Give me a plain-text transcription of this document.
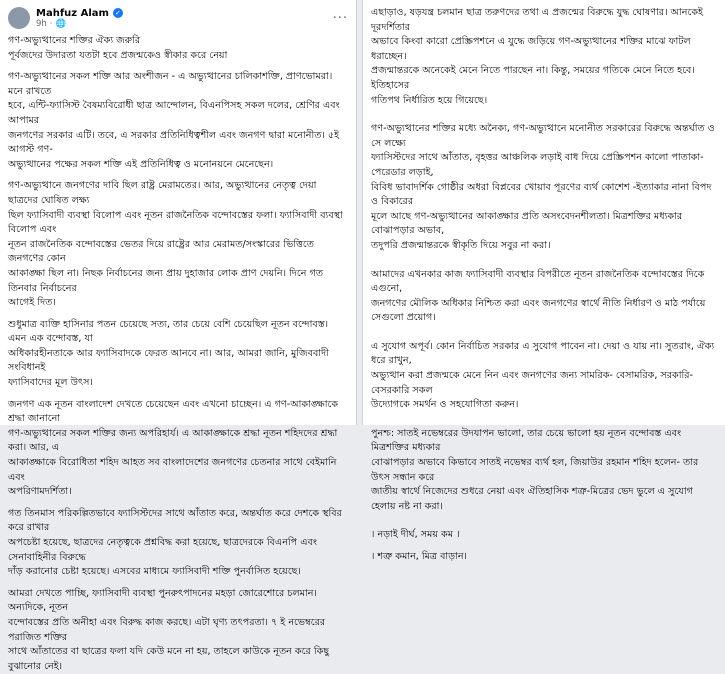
Mahfuz Alam ✓
9h · 🌐	···

গণ-অভ্যুত্থানের শক্তির ঐক্য জরুরি

পূর্বজদের উদারতা যতটা হবে প্রজন্মকেও স্বীকার করে নেয়া

গণ-অভ্যুত্থানের সকল শক্তি আর অংশীজন - এ অভ্যুত্থানের চালিকাশক্তি, প্রাণভোমরা। মনে রাখতে

হবে, এন্টি-ফ্যাসিস্ট বৈষম্যবিরোধী ছাত্র আন্দোলন, বিএনপিসহ সকল দলের, শ্রেণির এবং আপামর

জনগণের সরকার এটি। তবে, এ সরকার প্রতিনিধিত্বশীল এবং জনগণ দ্বারা মনোনীত। ৫ই আগস্ট গণ-

অভ্যুত্থানের পক্ষের সকল শক্তি এই প্রতিনিধিত্ব ও মনোনয়নে মেনেছেন।

গণ-অভ্যুত্থানে জনগণের দাবি ছিল রাষ্ট্র মেরামতের। আর, অভ্যুত্থানের নেতৃত্ব দেয়া ছাত্রদের ঘোষিত লক্ষ্য

ছিল ফ্যাসিবাদী ব্যবস্থা বিলোপ এবং নূতন রাজনৈতিক বন্দোবস্তের ফলা। ফ্যাসিবাদী ব্যবস্থা বিলোপ এবং

নূতন রাজনৈতিক বন্দোবস্তের ভেতর দিয়ে রাষ্ট্রের আর মেরামত/সংস্কারের ভিত্তিতে জনগণের কোন

আকাঙ্ক্ষা ছিল না। নিছক নির্বাচনের জন্য প্রায় দুহাজার লোক প্রাণ দেয়নি। দিনে গত তিনবার নির্বাচনের

আগেই দিত।

শুধুমাত্র ব্যক্তি হাসিনার পতন চেয়েছে সত্য, তার চেয়ে বেশি চেয়েছিল নূতন বন্দোবস্ত। এমন এক বন্দোবস্ত, যা

অধিকারহীনতাকে আর ফ্যাসিবাদকে ফেরত আনবে না। আর, আমরা জানি, মুজিববাদী সংবিধানই

ফ্যাসিবাদের মূল উৎস।

জনগণ এক নূতন বাংলাদেশ দেখতে চেয়েছেন এবং এখনো চাচ্ছেন। এ গণ-আকাঙ্ক্ষাকে শ্রদ্ধা জানানো

গণ-অভ্যুত্থানের সকল শক্তির জন্য অপরিহার্য। এ আকাঙ্ক্ষাকে শ্রদ্ধা নূতন শহিদদের শ্রদ্ধা করা। আর, এ

আকাঙ্ক্ষাকে বিরোধিতা শহিদ আহত সব বাংলাদেশের জনগণের চেতনার সাথে বেইমানি এবং

অপরিণামদর্শিতা।

গত তিনমাস পরিকল্পিতভাবে ফ্যাসিস্টদের সাথে আঁতাত করে, অন্তর্ঘাত করে দেশকে স্থবির করে রাখার

অপচেষ্টা হয়েছে, ছাত্রদের নেতৃত্বকে প্রশ্নবিদ্ধ করা হয়েছে, ছাত্রদেরকে বিএনপি এবং সেনাবাহিনীর বিরুদ্ধে

দাঁড় করানোর চেষ্টা হয়েছে। এসবের মাধ্যমে ফ্যাসিবাদী শক্তি পুনর্বাসিত হয়েছে।

আমরা দেখতে পাচ্ছি, ফ্যাসিবাদী ব্যবস্থা পুনরুৎপাদনের মহড়া জোরেশোরে চলমান। অন্যদিকে, নূতন

বন্দোবস্তের প্রতি অনীহা এবং বিরুদ্ধ কাজ করছে। এটা ঘৃণ্য তৎপরতা। ৭ ই নভেম্বরের পরাজিত শক্তির

সাথে আঁতাতের বা ছাত্রের ফলা যদি কেউ মনে না হয়, তাহলে কাউকে নূতন করে কিছু বুঝানোর নেই।

এছাড়াও, ষড়যন্ত্র চলমান ছাত্র তরুণদের তথা এ প্রজন্মের বিরুদ্ধে যুদ্ধ ঘোষণার। আনকেই দূরদর্শিতার

অভাবে কিংবা কারো প্রেস্ক্রিপশনে এ যুদ্ধে জড়িয়ে গণ-অভ্যুত্থানের শক্তির মাঝে ফাটল ধরাচ্ছেন।

প্রজন্মান্তরকে অনেকেই মেনে নিতে পারছেন না। কিন্তু, সময়ের গতিকে মেনে নিতে হবে। ইতিহাসের

গতিপথ নির্ধারিত হয়ে গিয়েছে।

গণ-অভ্যুত্থানের শক্তির মধ্যে অনৈক্য, গণ-অভ্যুত্থানে মনোনীত সরকারের বিরুদ্ধে অন্তর্ঘাত ও সে লক্ষ্যে

ফ্যাসিস্টদের সাথে আঁতাত, বৃহত্তর আঞ্চলিক লড়াই বাধ দিয়ে প্রেস্ক্রিপশন কালো পাতাকা-পেরেডার লড়াই,

বিবিধ ভাবাদর্শিক গোষ্ঠীর অধরা বিপ্লবের খোয়াব পূরণের ব্যর্থ কোশেশ -ইত্যাকার নানা বিপদ ও বিকারের

মূলে আছে গণ-অভ্যুত্থানের আকাঙ্ক্ষার প্রতি অসংবেদনশীলতা। মিত্রশক্তির মধ্যকার বোঝাপড়ার অভাব,

তদুপরি প্রজন্মান্তরকে স্বীকৃতি দিয়ে সবুর না করা।

আমাদের এখনকার কাজ ফ্যাসিবাদী ব্যবস্থার বিপরীতে নূতন রাজনৈতিক বন্দোবস্তের দিকে এগুনো,

জনগণের মৌলিক অধিকার নিশ্চিত করা এবং জনগণের স্বার্থে নীতি নির্ধারণ ও মাঠ পর্যায়ে সেগুলো প্রয়োগ।

এ সুযোগ অপূর্ব। কোন নির্বাচিত সরকার এ সুযোগ পাবেন না। দেয়া ও যায় না। সুতরাং, ঐক্য ধরে রাখুন,

অভ্যুত্থান করা প্রজন্মকে মেনে নিন এবং জনগণের জন্য সামরিক- বেসামরিক, সরকারি- বেসরকারি সকল

উদ্যোগকে সমর্থন ও সহযোগিতা করুন।

পুনশ্চ: সাতই নভেম্বরের উদযাপন ভালো, তার চেয়ে ভালো হয় নূতন বন্দোবস্ত এবং মিত্রশক্তির মধ্যকার

বোঝাপড়ার অভাবে কিভাবে সাতই নভেম্বর ব্যর্থ হল, জিয়াউর রহমান শহিদ হলেন- তার উৎস সন্ধান করে

জাতীয় স্বার্থে নিজেদের শুধরে নেয়া এবং ঐতিহাসিক শত্রু-মিত্রের ভেদ ভুলে এ সুযোগ হেলায় নষ্ট না করা।

। নড়াই দীর্ঘ, সময় কম ।

। শত্রু কমান, মিত্র বাড়ান।
